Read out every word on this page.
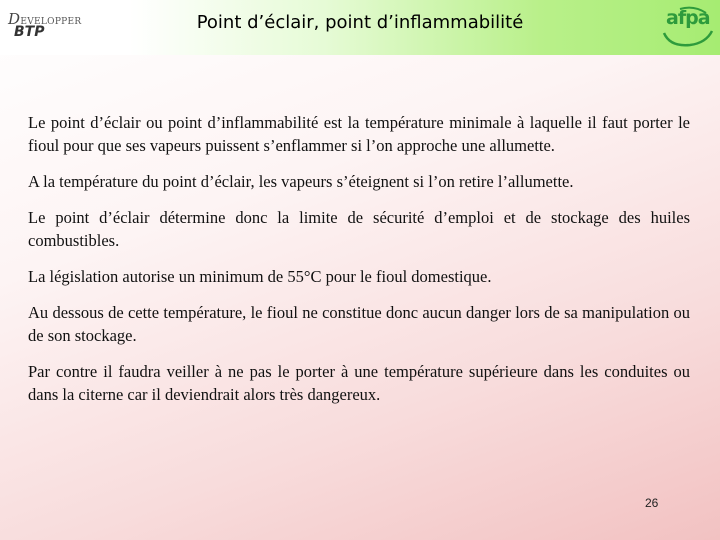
DEVELOPPER
BTP	Point d’éclair, point d’inflammabilité	afpa

Le point d’éclair ou point d’inflammabilité est la température minimale à laquelle il faut porter le fioul pour que ses vapeurs puissent s’enflammer si l’on approche une allumette.

A la température du point d’éclair, les vapeurs s’éteignent si l’on retire l’allumette.

Le point d’éclair détermine donc la limite de sécurité d’emploi et de stockage des huiles combustibles.

La législation autorise un minimum de 55°C pour le fioul domestique.

Au dessous de cette température, le fioul ne constitue donc aucun danger lors de sa manipulation ou de son stockage.

Par contre il faudra veiller à ne pas le porter à une température supérieure dans les conduites ou dans la citerne car il deviendrait alors très dangereux.

26
